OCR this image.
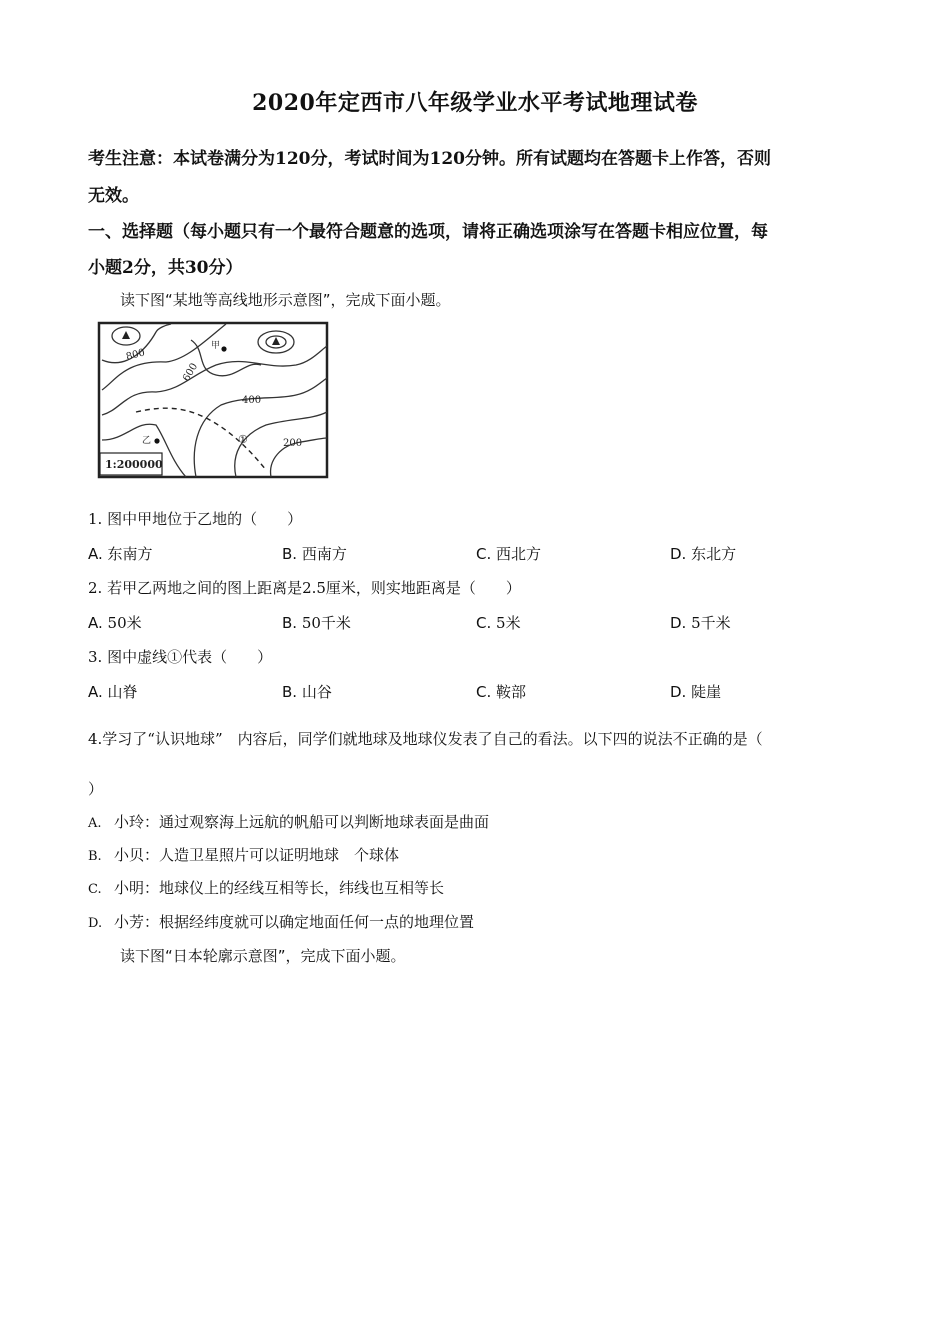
2020年定西市八年级学业水平考试地理试卷
考生注意：本试卷满分为120分，考试时间为120分钟。所有试题均在答题卡上作答，否则
无效。
一、选择题（每小题只有一个最符合题意的选项，请将正确选项涂写在答题卡相应位置，每
小题2分，共30分）
读下图“某地等高线地形示意图”，完成下面小题。
800
600
400
200
甲
乙	①
1:200000
1. 图中甲地位于乙地的（　　）
A. 东南方	B. 西南方	C. 西北方	D. 东北方
2. 若甲乙两地之间的图上距离是2.5厘米，则实地距离是（　　）
A. 50米	B. 50千米	C. 5米	D. 5千米
3. 图中虚线①代表（　　）
A. 山脊	B. 山谷	C. 鞍部	D. 陡崖
4.学习了“认识地球”　内容后，同学们就地球及地球仪发表了自己的看法。以下四的说法不正确的是（
）
A. 小玲：通过观察海上远航的帆船可以判断地球表面是曲面
B. 小贝：人造卫星照片可以证明地球　个球体
C. 小明：地球仪上的经线互相等长，纬线也互相等长
D. 小芳：根据经纬度就可以确定地面任何一点的地理位置
读下图“日本轮廓示意图”，完成下面小题。
